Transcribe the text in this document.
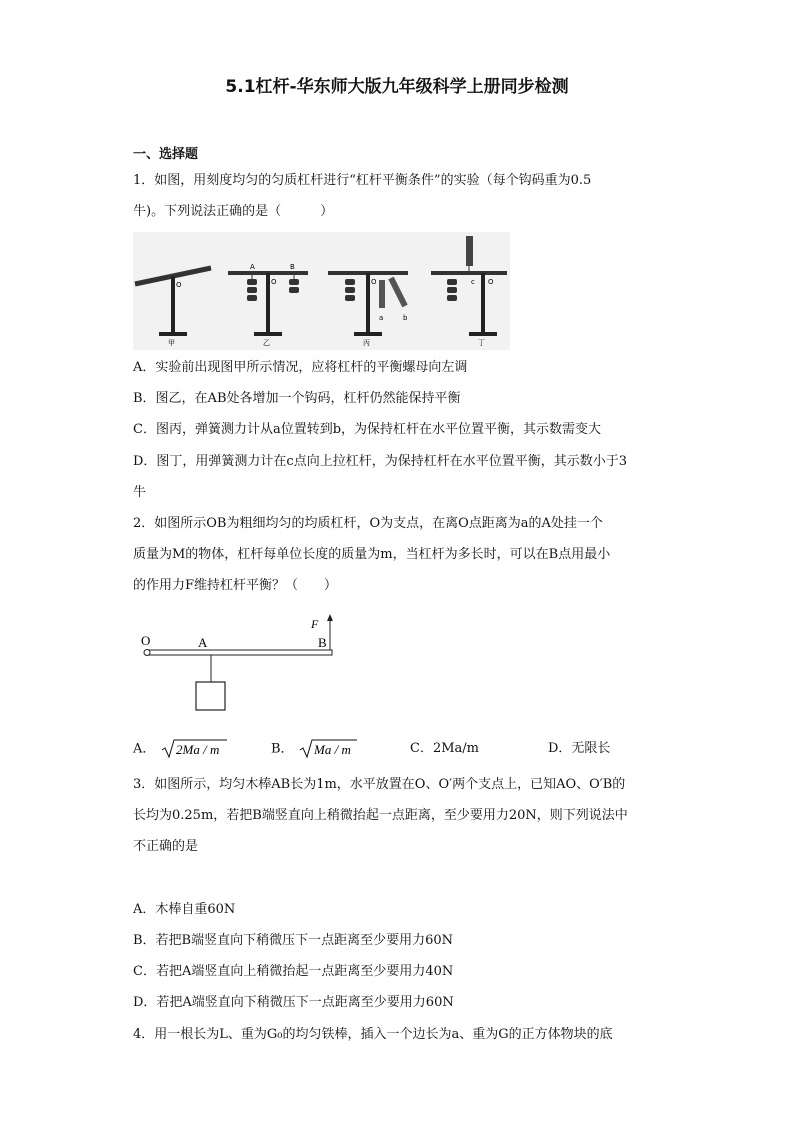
5.1杠杆-华东师大版九年级科学上册同步检测
一、选择题
1．如图，用刻度均匀的匀质杠杆进行“杠杆平衡条件”的实验（每个钩码重为0.5
牛)。下列说法正确的是（　　　）
O
甲
A	B
O
乙
O
a	b
丙
c O
丁
A．实验前出现图甲所示情况，应将杠杆的平衡螺母向左调
B．图乙，在AB处各增加一个钩码，杠杆仍然能保持平衡
C．图丙，弹簧测力计从a位置转到b，为保持杠杆在水平位置平衡，其示数需变大
D．图丁，用弹簧测力计在c点向上拉杠杆，为保持杠杆在水平位置平衡，其示数小于3
牛
2．如图所示OB为粗细均匀的均质杠杆，O为支点，在离O点距离为a的A处挂一个
质量为M的物体，杠杆每单位长度的质量为m，当杠杆为多长时，可以在B点用最小
的作用力F维持杠杆平衡？（　　）
O	A	B
F
A． 2Ma / m	B． Ma / m	C．2Ma/m	D．无限长
3．如图所示，均匀木棒AB长为1m，水平放置在O、O′两个支点上，已知AO、O′B的
长均为0.25m，若把B端竖直向上稍微抬起一点距离，至少要用力20N，则下列说法中
不正确的是
A．木棒自重60N
B．若把B端竖直向下稍微压下一点距离至少要用力60N
C．若把A端竖直向上稍微抬起一点距离至少要用力40N
D．若把A端竖直向下稍微压下一点距离至少要用力60N
4．用一根长为L、重为G₀的均匀铁棒，插入一个边长为a、重为G的正方体物块的底
